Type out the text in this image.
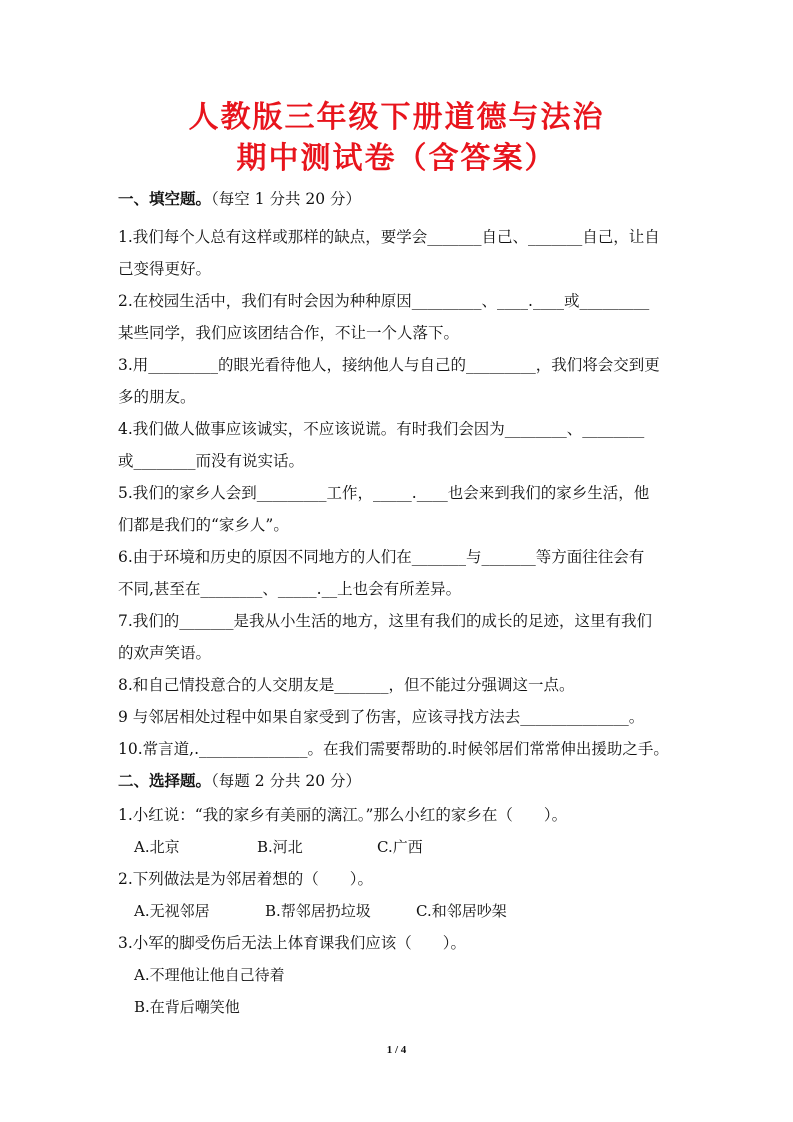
人教版三年级下册道德与法治
期中测试卷（含答案）
一、填空题。（每空 1 分共 20 分）
1.我们每个人总有这样或那样的缺点，要学会_______自己、_______自己，让自
己变得更好。
2.在校园生活中，我们有时会因为种种原因_________、____.____或_________
某些同学，我们应该团结合作，不让一个人落下。
3.用_________的眼光看待他人，接纳他人与自己的_________，我们将会交到更
多的朋友。
4.我们做人做事应该诚实，不应该说谎。有时我们会因为________、________
或________而没有说实话。
5.我们的家乡人会到_________工作，_____.____也会来到我们的家乡生活，他
们都是我们的“家乡人”。
6.由于环境和历史的原因不同地方的人们在_______与_______等方面往往会有
不同,甚至在________、_____.__上也会有所差异。
7.我们的_______是我从小生活的地方，这里有我们的成长的足迹，这里有我们
的欢声笑语。
8.和自己情投意合的人交朋友是_______，但不能过分强调这一点。
9 与邻居相处过程中如果自家受到了伤害，应该寻找方法去______________。
10.常言道,.______________。在我们需要帮助的.时候邻居们常常伸出援助之手。
二、选择题。（每题 2 分共 20 分）
1.小红说：“我的家乡有美丽的漓江。”那么小红的家乡在（　　）。
A.北京	B.河北	C.广西
2.下列做法是为邻居着想的（　　）。
A.无视邻居	B.帮邻居扔垃圾	C.和邻居吵架
3.小军的脚受伤后无法上体育课我们应该（　　）。
A.不理他让他自己待着
B.在背后嘲笑他
1 / 4
